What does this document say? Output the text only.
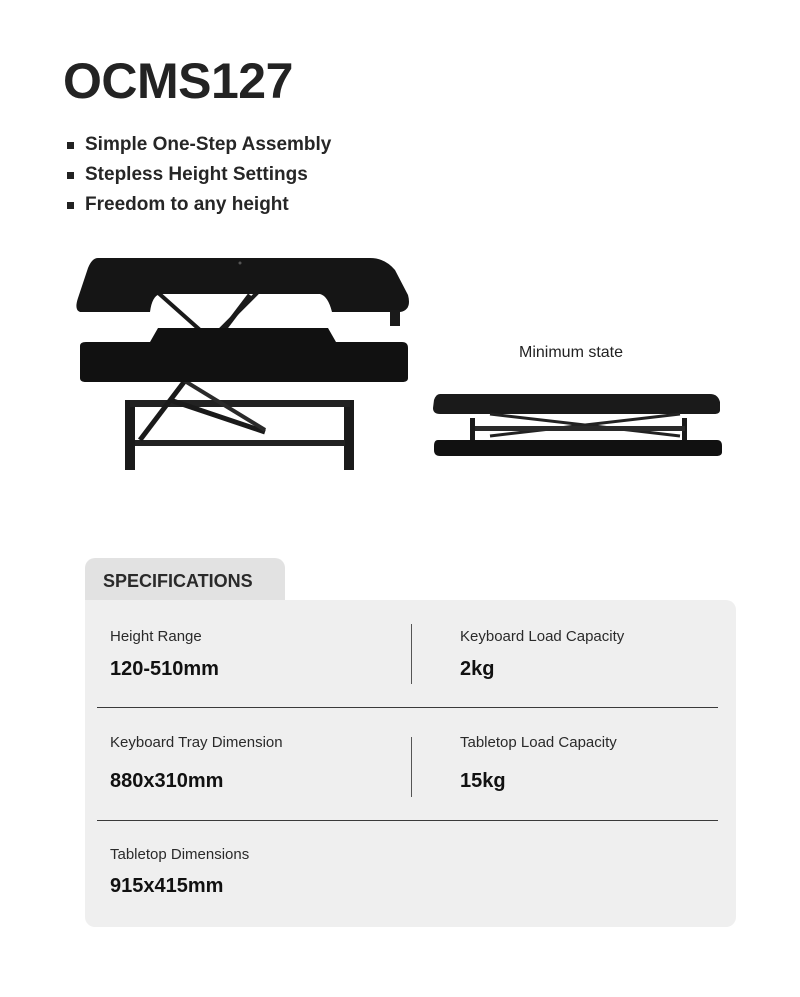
OCMS127
Simple One-Step Assembly
Stepless Height Settings
Freedom to any height
Minimum state
SPECIFICATIONS
Height Range
120-510mm
Keyboard Load Capacity
2kg
Keyboard Tray Dimension
880x310mm
Tabletop Load Capacity
15kg
Tabletop Dimensions
915x415mm
